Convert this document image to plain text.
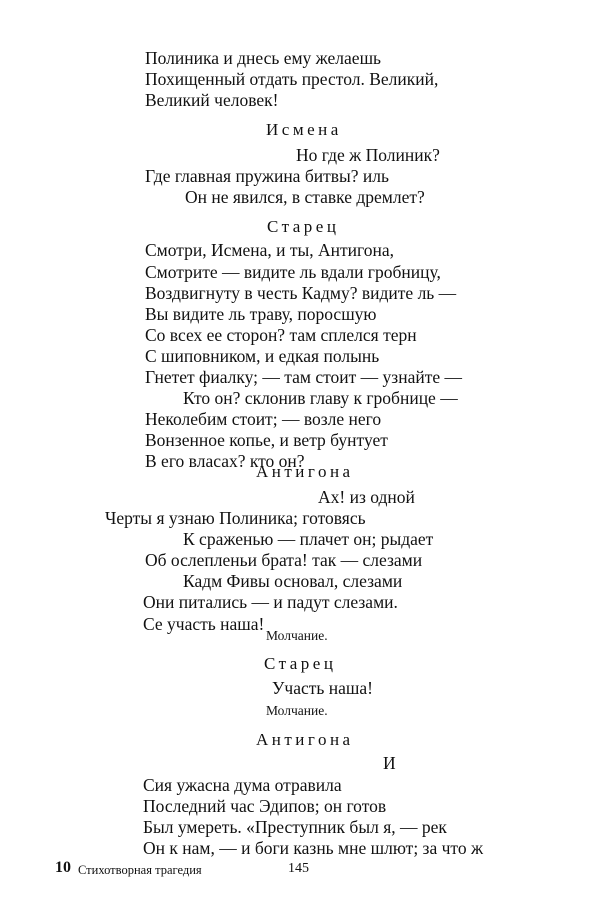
Полиника и днесь ему желаешь
Похищенный отдать престол. Великий,
Великий человек!
Исмена
Но где ж Полиник?
Где главная пружина битвы? иль
Он не явился, в ставке дремлет?
Старец
Смотри, Исмена, и ты, Антигона,
Смотрите — видите ль вдали гробницу,
Воздвигнуту в честь Кадму? видите ль —
Вы видите ль траву, поросшую
Со всех ее сторон? там сплелся терн
С шиповником, и едкая полынь
Гнетет фиалку; — там стоит — узнайте —
Кто он? склонив главу к гробнице —
Неколебим стоит; — возле него
Вонзенное копье, и ветр бунтует
В его власах? кто он?
Антигона
Ах! из одной
Черты я узнаю Полиника; готовясь
К сраженью — плачет он; рыдает
Об ослепленьи брата! так — слезами
Кадм Фивы основал, слезами
Они питались — и падут слезами.
Се участь наша!
Молчание.
Старец
Участь наша!
Молчание.
Антигона
И
Сия ужасна дума отравила
Последний час Эдипов; он готов
Был умереть. «Преступник был я, — рек
Он к нам, — и боги казнь мне шлют; за что ж
10 Стихотворная трагедия	145
